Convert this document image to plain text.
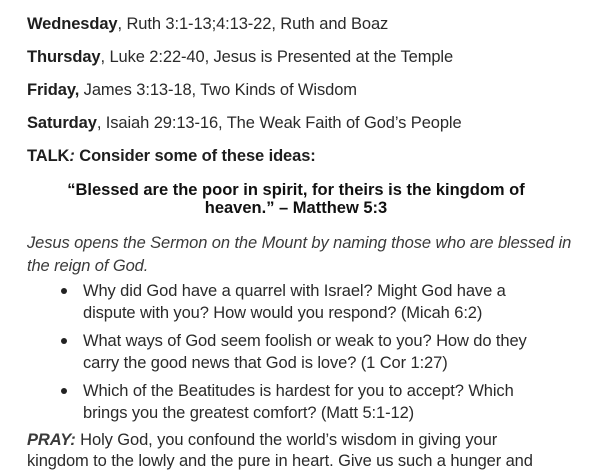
Wednesday, Ruth 3:1-13;4:13-22, Ruth and Boaz
Thursday, Luke 2:22-40, Jesus is Presented at the Temple
Friday, James 3:13-18, Two Kinds of Wisdom
Saturday, Isaiah 29:13-16, The Weak Faith of God’s People
TALK: Consider some of these ideas:
“Blessed are the poor in spirit, for theirs is the kingdom of
heaven.” – Matthew 5:3
Jesus opens the Sermon on the Mount by naming those who are blessed in
the reign of God.
Why did God have a quarrel with Israel? Might God have a
dispute with you? How would you respond? (Micah 6:2)
What ways of God seem foolish or weak to you? How do they
carry the good news that God is love? (1 Cor 1:27)
Which of the Beatitudes is hardest for you to accept? Which
brings you the greatest comfort? (Matt 5:1-12)
PRAY: Holy God, you confound the world’s wisdom in giving your
kingdom to the lowly and the pure in heart. Give us such a hunger and
